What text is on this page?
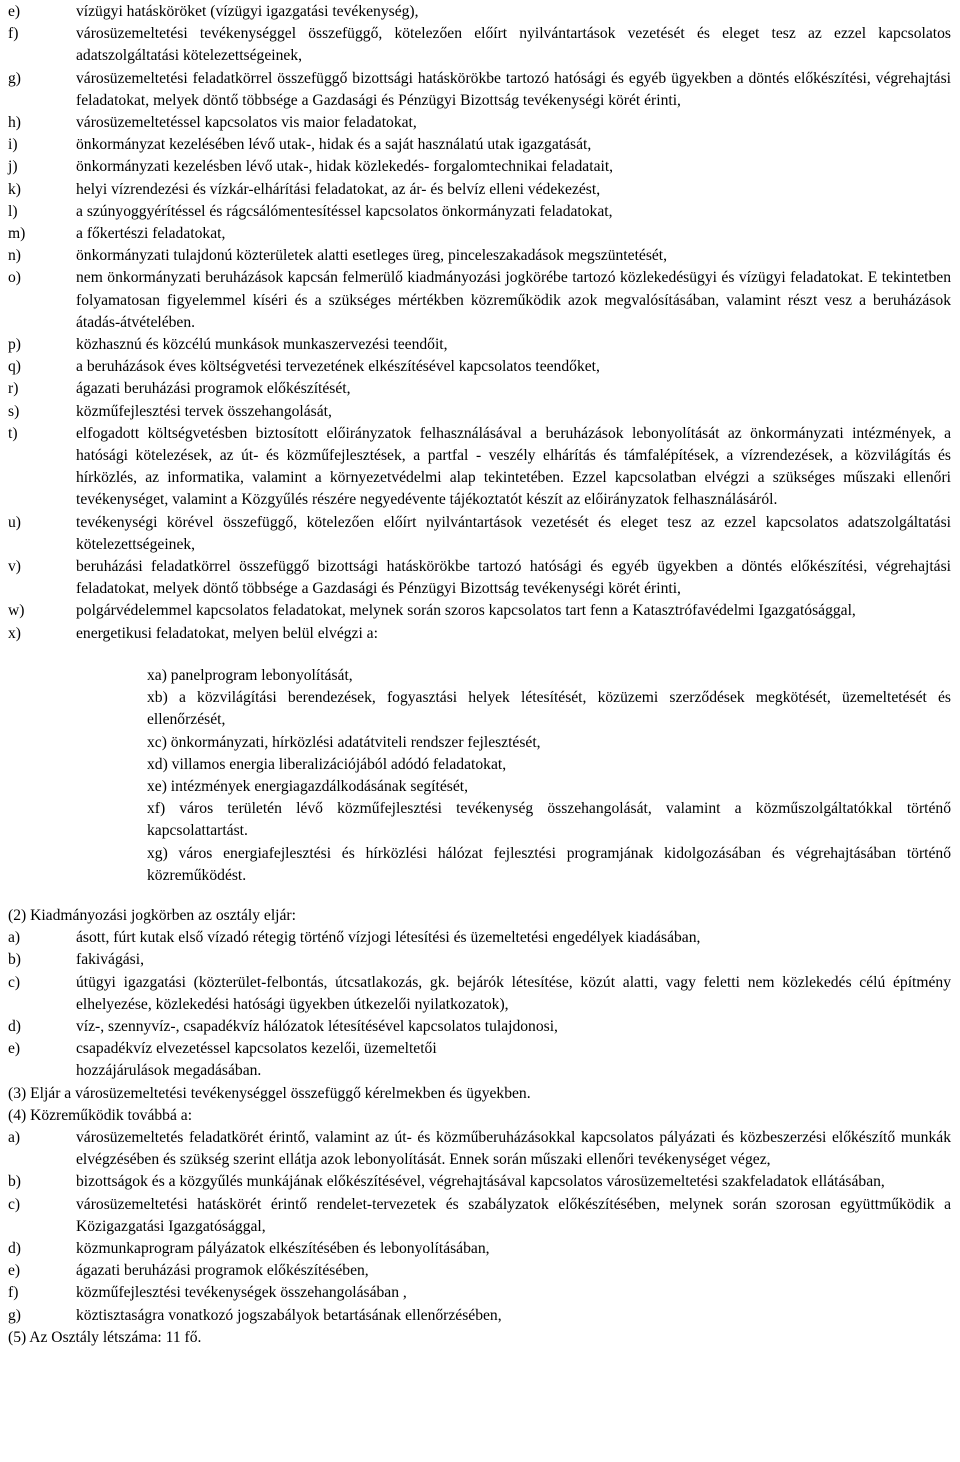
e)	vízügyi hatásköröket (vízügyi igazgatási tevékenység),
f)	városüzemeltetési tevékenységgel összefüggő, kötelezően előírt nyilvántartások vezetését és eleget tesz az ezzel kapcsolatos adatszolgáltatási kötelezettségeinek,
g)	városüzemeltetési feladatkörrel összefüggő bizottsági hatáskörökbe tartozó hatósági és egyéb ügyekben a döntés előkészítési, végrehajtási feladatokat, melyek döntő többsége a Gazdasági és Pénzügyi Bizottság tevékenységi körét érinti,
h)	városüzemeltetéssel kapcsolatos vis maior feladatokat,
i)	önkormányzat kezelésében lévő utak-, hidak és a saját használatú utak igazgatását,
j)	önkormányzati kezelésben lévő utak-, hidak közlekedés- forgalomtechnikai feladatait,
k)	helyi vízrendezési és vízkár-elhárítási feladatokat, az ár- és belvíz elleni védekezést,
l)	a szúnyoggyérítéssel és rágcsálómentesítéssel kapcsolatos önkormányzati feladatokat,
m)	a főkertészi feladatokat,
n)	önkormányzati tulajdonú közterületek alatti esetleges üreg, pinceleszakadások megszüntetését,
o)	nem önkormányzati beruházások kapcsán felmerülő kiadmányozási jogkörébe tartozó közlekedésügyi és vízügyi feladatokat. E tekintetben folyamatosan figyelemmel kíséri és a szükséges mértékben közreműködik azok megvalósításában, valamint részt vesz a beruházások átadás-átvételében.
p)	közhasznú és közcélú munkások munkaszervezési teendőit,
q)	a beruházások éves költségvetési tervezetének elkészítésével kapcsolatos teendőket,
r)	ágazati beruházási programok előkészítését,
s)	közműfejlesztési tervek összehangolását,
t)	elfogadott költségvetésben biztosított előirányzatok felhasználásával a beruházások lebonyolítását az önkormányzati intézmények, a hatósági kötelezések, az út- és közműfejlesztések, a partfal - veszély elhárítás és támfalépítések, a vízrendezések, a közvilágítás és hírközlés, az informatika, valamint a környezetvédelmi alap tekintetében. Ezzel kapcsolatban elvégzi a szükséges műszaki ellenőri tevékenységet, valamint a Közgyűlés részére negyedévente tájékoztatót készít az előirányzatok felhasználásáról.
u)	tevékenységi körével összefüggő, kötelezően előírt nyilvántartások vezetését és eleget tesz az ezzel kapcsolatos adatszolgáltatási kötelezettségeinek,
v)	beruházási feladatkörrel összefüggő bizottsági hatáskörökbe tartozó hatósági és egyéb ügyekben a döntés előkészítési, végrehajtási feladatokat, melyek döntő többsége a Gazdasági és Pénzügyi Bizottság tevékenységi körét érinti,
w)	polgárvédelemmel kapcsolatos feladatokat, melynek során szoros kapcsolatos tart fenn a Katasztrófavédelmi Igazgatósággal,
x)	energetikusi feladatokat, melyen belül elvégzi a:
xa) panelprogram lebonyolítását,
xb) a közvilágítási berendezések, fogyasztási helyek létesítését, közüzemi szerződések megkötését, üzemeltetését és ellenőrzését,
xc) önkormányzati, hírközlési adatátviteli rendszer fejlesztését,
xd) villamos energia liberalizációjából adódó feladatokat,
xe) intézmények energiagazdálkodásának segítését,
xf) város területén lévő közműfejlesztési tevékenység összehangolását, valamint a közműszolgáltatókkal történő kapcsolattartást.
xg) város energiafejlesztési és hírközlési hálózat fejlesztési programjának kidolgozásában és végrehajtásában történő közreműködést.
(2) Kiadmányozási jogkörben az osztály eljár:
a)	ásott, fúrt kutak első vízadó rétegig történő vízjogi létesítési és üzemeltetési engedélyek kiadásában,
b)	fakivágási,
c)	útügyi igazgatási (közterület-felbontás, útcsatlakozás, gk. bejárók létesítése, közút alatti, vagy feletti nem közlekedés célú építmény elhelyezése, közlekedési hatósági ügyekben útkezelői nyilatkozatok),
d)	víz-, szennyvíz-, csapadékvíz hálózatok létesítésével kapcsolatos tulajdonosi,
e)	csapadékvíz elvezetéssel kapcsolatos kezelői, üzemeltetői
hozzájárulások megadásában.
(3) Eljár a városüzemeltetési tevékenységgel összefüggő kérelmekben és ügyekben.
(4) Közreműködik továbbá a:
a)	városüzemeltetés feladatkörét érintő, valamint az út- és közműberuházásokkal kapcsolatos pályázati és közbeszerzési előkészítő munkák elvégzésében és szükség szerint ellátja azok lebonyolítását. Ennek során műszaki ellenőri tevékenységet végez,
b)	bizottságok és a közgyűlés munkájának előkészítésével, végrehajtásával kapcsolatos városüzemeltetési szakfeladatok ellátásában,
c)	városüzemeltetési hatáskörét érintő rendelet-tervezetek és szabályzatok előkészítésében, melynek során szorosan együttműködik a Közigazgatási Igazgatósággal,
d)	közmunkaprogram pályázatok elkészítésében és lebonyolításában,
e)	ágazati beruházási programok előkészítésében,
f)	közműfejlesztési tevékenységek összehangolásában ,
g)	köztisztaságra vonatkozó jogszabályok betartásának ellenőrzésében,
(5) Az Osztály létszáma: 11 fő.
